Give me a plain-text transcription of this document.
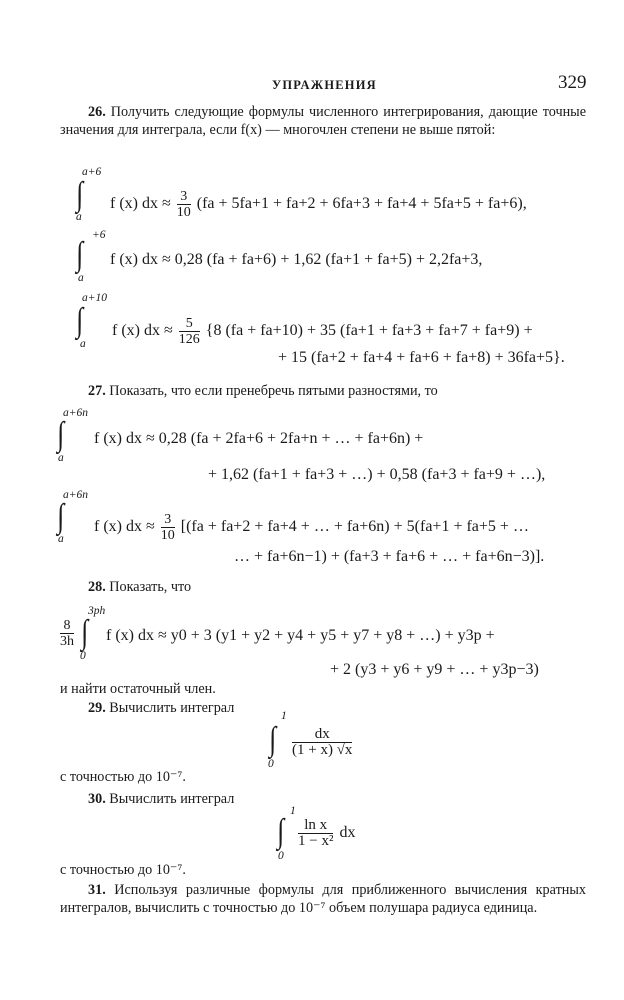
УПРАЖНЕНИЯ	329
26. Получить следующие формулы численного интегрирования, дающие точные значения для интеграла, если f(x) — многочлен степени не выше пятой:
a+6
∫
a
f (x) dx ≈ $\frac{3}{10} (fa + 5fa+1 + fa+2 + 6fa+3 + fa+4 + 5fa+5 + fa+6)$,
+6
∫
a
f (x) dx ≈ 0,28 (fa + fa+6) + 1,62 (fa+1 + fa+5) + 2,2fa+3,
a+10
∫
a
f (x) dx ≈ $\frac{5}{126} \{8$ (fa + fa+10) + 35 (fa+1 + fa+3 + fa+7 + fa+9) +
+ 15 (fa+2 + fa+4 + fa+6 + fa+8) + 36fa+5}.
27. Показать, что если пренебречь пятыми разностями, то
a+6n
∫
a
f (x) dx ≈ 0,28 (fa + 2fa+6 + 2fa+n + … + fa+6n) +
+ 1,62 (fa+1 + fa+3 + …) + 0,58 (fa+3 + fa+9 + …),
a+6n
∫
a
f (x) dx ≈ $\frac{3}{10} [(fa + fa+2 + fa+4$ + … + fa+6n) + 5(fa+1 + fa+5 + …
… + fa+6n−1) + (fa+3 + fa+6 + … + fa+6n−3)].
28. Показать, что
$\frac{8}{3h}$
3ph
∫
0
f (x) dx ≈ y0 + 3 (y1 + y2 + y4 + y5 + y7 + y8 + …) + y3p +
+ 2 (y3 + y6 + y9 + … + y3p−3)
и найти остаточный член.
29. Вычислить интеграл	1
∫
0
$\frac{dx}{(1 + x) √x}$
с точностью до 10⁻⁷.
30. Вычислить интеграл
1
∫
0
$\frac{\text{ln x}}{\text{1 − x²}}$ dx
с точностью до 10⁻⁷.
31. Используя различные формулы для приближенного вычисления кратных интегралов, вычислить с точностью до 10⁻⁷ объем полушара радиуса единица.
